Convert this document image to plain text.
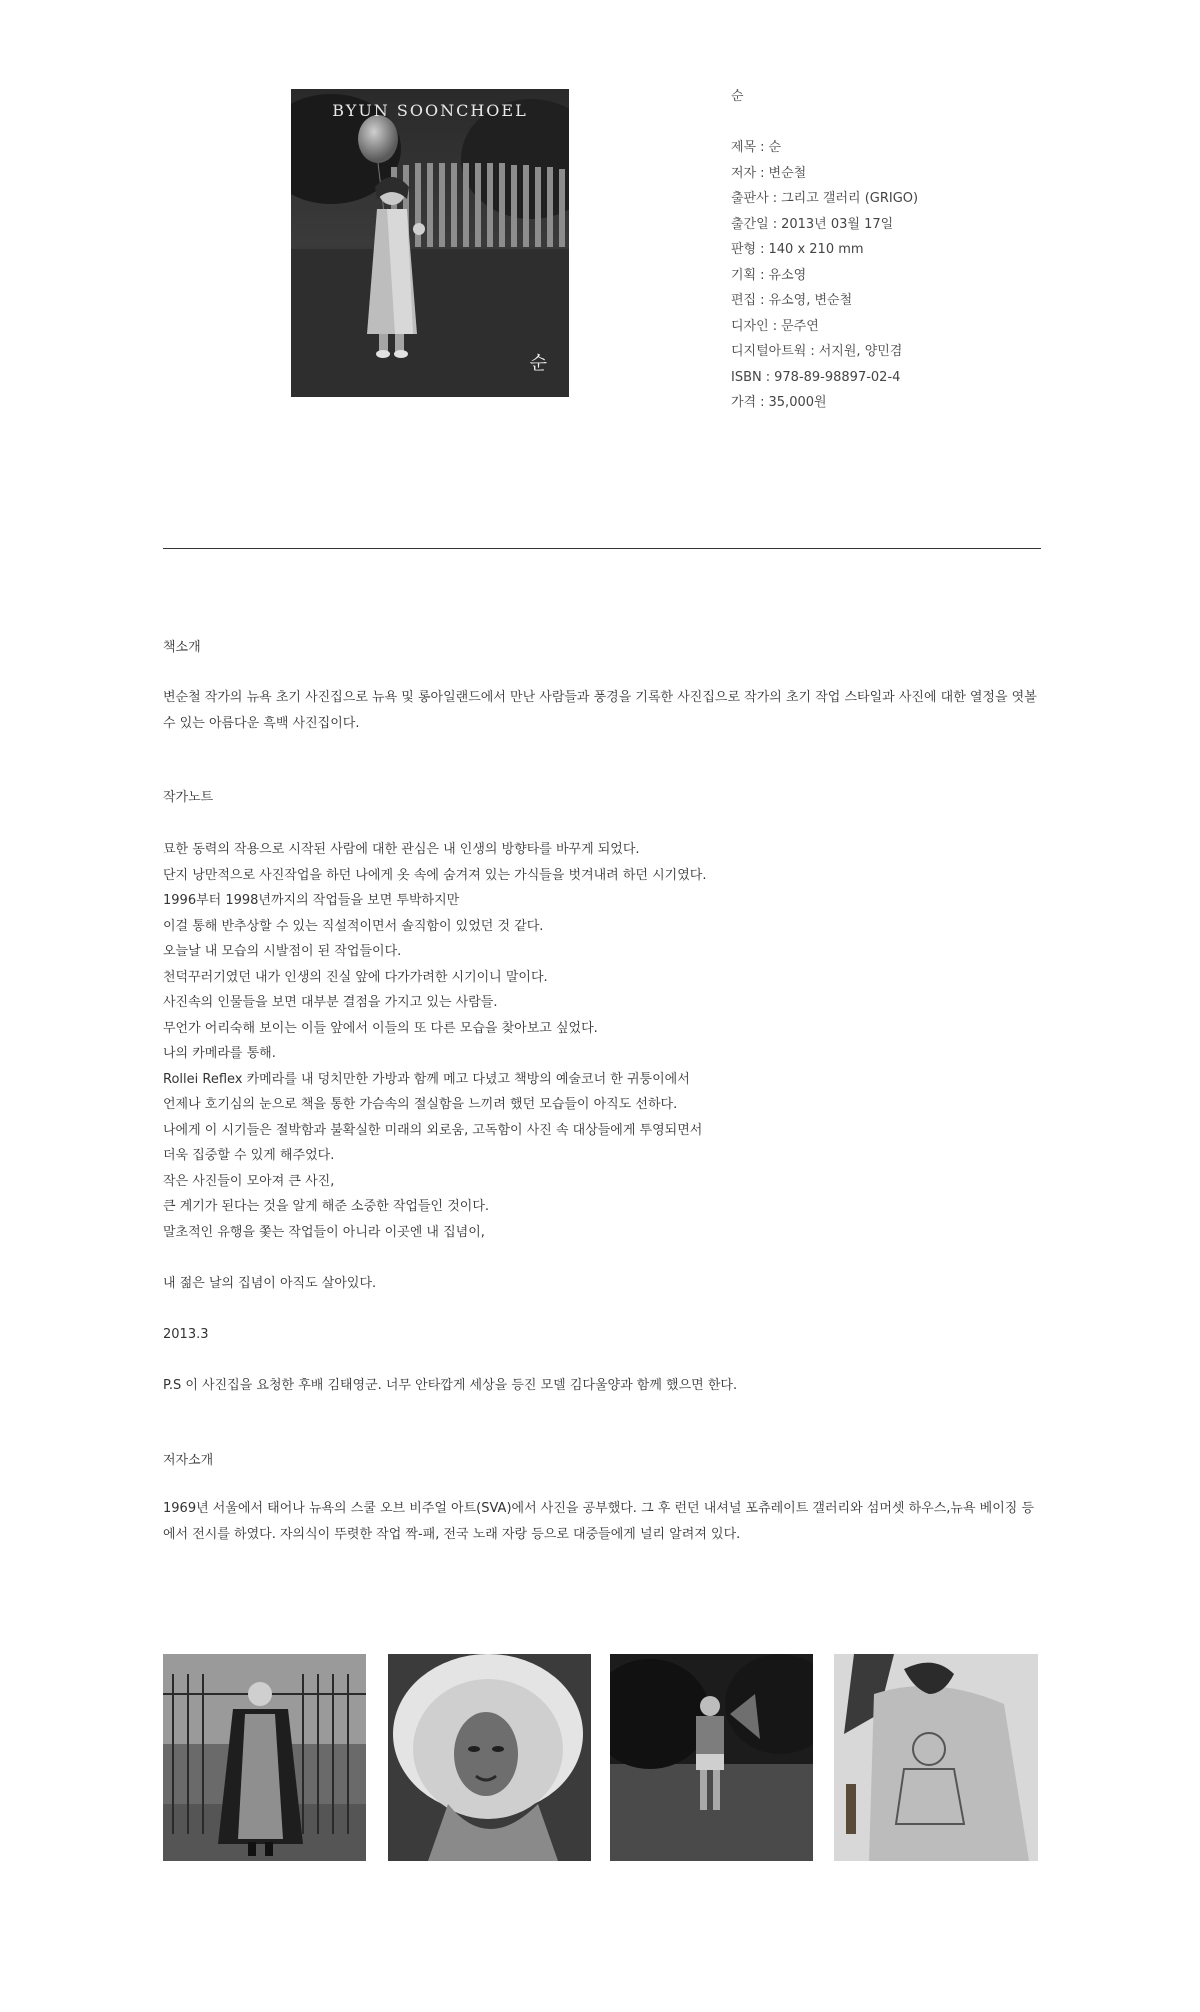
BYUN SOONCHOEL
순
순
제목 : 순
저자 : 변순철
출판사 : 그리고 갤러리 (GRIGO)
출간일 : 2013년 03월 17일
판형 : 140 x 210 mm
기획 : 유소영
편집 : 유소영, 변순철
디자인 : 문주연
디지털아트웍 : 서지원, 양민겸
ISBN : 978-89-98897-02-4
가격 : 35,000원
책소개
변순철 작가의 뉴욕 초기 사진집으로 뉴욕 및 롱아일랜드에서 만난 사람들과 풍경을 기록한 사진집으로 작가의 초기 작업 스타일과 사진에 대한 열정을 엿볼 수 있는 아름다운 흑백 사진집이다.
작가노트
묘한 동력의 작용으로 시작된 사람에 대한 관심은 내 인생의 방향타를 바꾸게 되었다.
단지 낭만적으로 사진작업을 하던 나에게 옷 속에 숨겨져 있는 가식들을 벗겨내려 하던 시기였다.
1996부터 1998년까지의 작업들을 보면 투박하지만
이걸 통해 반추상할 수 있는 직설적이면서 솔직함이 있었던 것 같다.
오늘날 내 모습의 시발점이 된 작업들이다.
천덕꾸러기였던 내가 인생의 진실 앞에 다가가려한 시기이니 말이다.
사진속의 인물들을 보면 대부분 결점을 가지고 있는 사람들.
무언가 어리숙해 보이는 이들 앞에서 이들의 또 다른 모습을 찾아보고 싶었다.
나의 카메라를 통해.
Rollei Reflex 카메라를 내 덩치만한 가방과 함께 메고 다녔고 책방의 예술코너 한 귀퉁이에서
언제나 호기심의 눈으로 책을 통한 가슴속의 절실함을 느끼려 했던 모습들이 아직도 선하다.
나에게 이 시기들은 절박함과 불확실한 미래의 외로움, 고독함이 사진 속 대상들에게 투영되면서
더욱 집중할 수 있게 해주었다.
작은 사진들이 모아져 큰 사진,
큰 계기가 된다는 것을 알게 해준 소중한 작업들인 것이다.
말초적인 유행을 쫓는 작업들이 아니라 이곳엔 내 집념이,
내 젊은 날의 집념이 아직도 살아있다.
2013.3
P.S 이 사진집을 요청한 후배 김태영군. 너무 안타깝게 세상을 등진 모델 김다울양과 함께 했으면 한다.
저자소개
1969년 서울에서 태어나 뉴욕의 스쿨 오브 비주얼 아트(SVA)에서 사진을 공부했다. 그 후 런던 내셔널 포츄레이트 갤러리와 섬머셋 하우스,뉴욕 베이징 등에서 전시를 하였다. 자의식이 뚜렷한 작업 짝-패, 전국 노래 자랑 등으로 대중들에게 널리 알려져 있다.
